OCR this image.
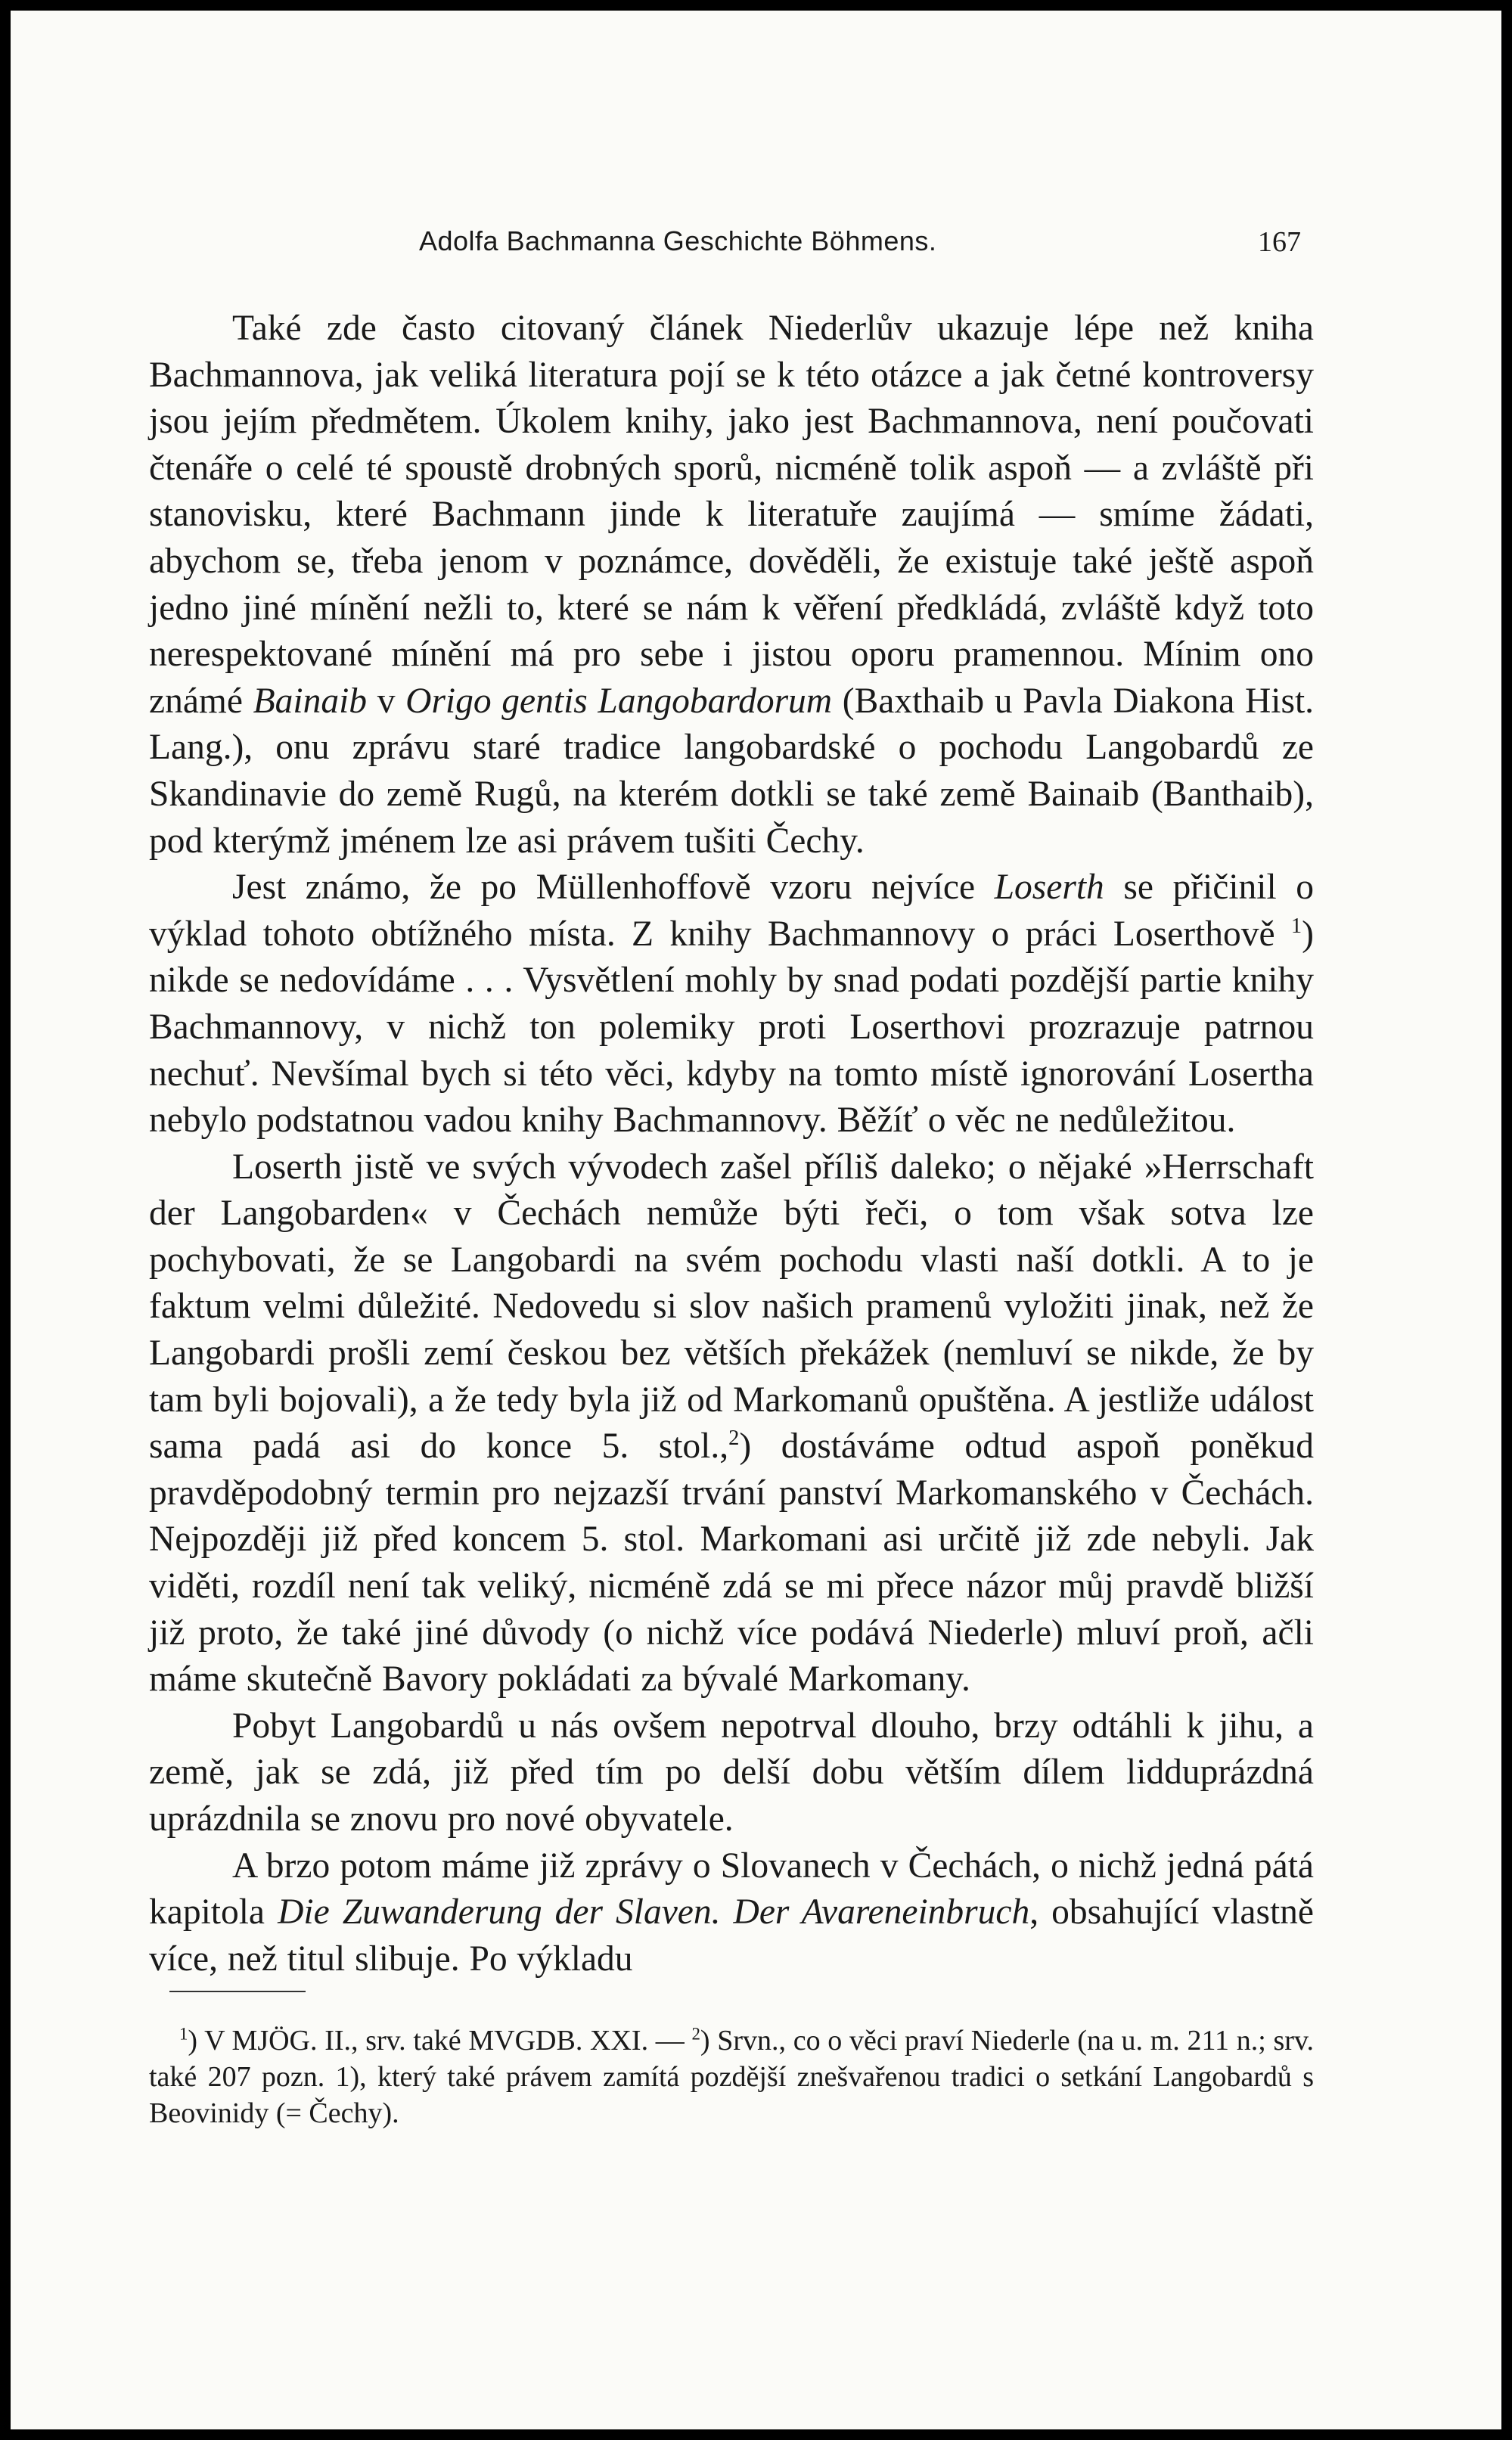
Adolfa Bachmanna Geschichte Böhmens.	167

Také zde často citovaný článek Niederlův ukazuje lépe než kniha Bachmannova, jak veliká literatura pojí se k této otázce a jak četné kontroversy jsou jejím předmětem. Úkolem knihy, jako jest Bachmannova, není poučovati čtenáře o celé té spoustě drobných sporů, nicméně tolik aspoň — a zvláště při stanovisku, které Bachmann jinde k literatuře zaujímá — smíme žádati, abychom se, třeba jenom v poznámce, dověděli, že existuje také ještě aspoň jedno jiné mínění nežli to, které se nám k věření předkládá, zvláště když toto nerespektované mínění má pro sebe i jistou oporu pramennou. Mínim ono známé Bainaib v Origo gentis Langobardorum (Baxthaib u Pavla Diakona Hist. Lang.), onu zprávu staré tradice langobardské o pochodu Langobardů ze Skandinavie do země Rugů, na kterém dotkli se také země Bainaib (Banthaib), pod kterýmž jménem lze asi právem tušiti Čechy.

Jest známo, že po Müllenhoffově vzoru nejvíce Loserth se přičinil o výklad tohoto obtížného místa. Z knihy Bachmannovy o práci Loserthově $^1$) nikde se nedovídáme . . . Vysvětlení mohly by snad podati pozdější partie knihy Bachmannovy, v nichž ton polemiky proti Loserthovi prozrazuje patrnou nechuť. Nevšímal bych si této věci, kdyby na tomto místě ignorování Losertha nebylo podstatnou vadou knihy Bachmannovy. Běžíť o věc ne nedůležitou.

Loserth jistě ve svých vývodech zašel příliš daleko; o nějaké »Herrschaft der Langobarden« v Čechách nemůže býti řeči, o tom však sotva lze pochybovati, že se Langobardi na svém pochodu vlasti naší dotkli. A to je faktum velmi důležité. Nedovedu si slov našich pramenů vyložiti jinak, než že Langobardi prošli zemí českou bez větších překážek (nemluví se nikde, že by tam byli bojovali), a že tedy byla již od Markomanů opuštěna. A jestliže událost sama padá asi do konce 5. stol.,$^2$) dostáváme odtud aspoň poněkud pravděpodobný termin pro nejzazší trvání panství Markomanského v Čechách. Nejpozději již před koncem 5. stol. Markomani asi určitě již zde nebyli. Jak viděti, rozdíl není tak veliký, nicméně zdá se mi přece názor můj pravdě bližší již proto, že také jiné důvody (o nichž více podává Niederle) mluví proň, ačli máme skutečně Bavory pokládati za bývalé Markomany.

Pobyt Langobardů u nás ovšem nepotrval dlouho, brzy odtáhli k jihu, a země, jak se zdá, již před tím po delší dobu větším dílem lidduprázdná uprázdnila se znovu pro nové obyvatele.

A brzo potom máme již zprávy o Slovanech v Čechách, o nichž jedná pátá kapitola Die Zuwanderung der Slaven. Der Avareneinbruch, obsahující vlastně více, než titul slibuje. Po výkladu

$^1$) V MJÖG. II., srv. také MVGDB. XXI. — $^2$) Srvn., co o věci praví Niederle (na u. m. 211 n.; srv. také 207 pozn. 1), který také právem zamítá pozdější znešvařenou tradici o setkání Langobardů s Beovinidy (= Čechy).
